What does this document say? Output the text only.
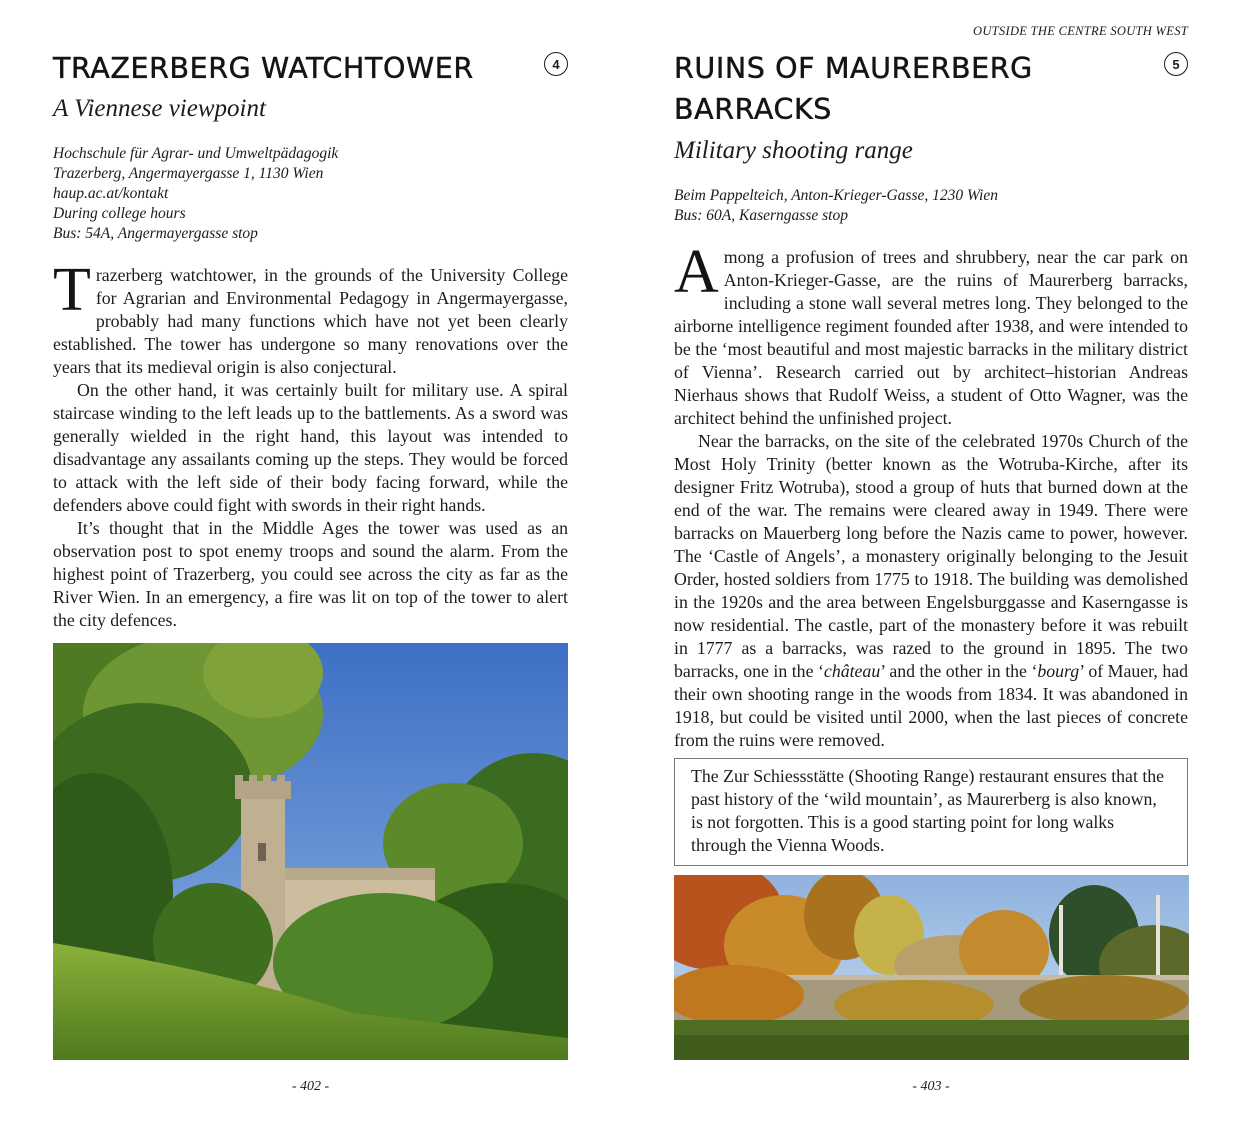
TRAZERBERG WATCHTOWER	4
A Viennese viewpoint
Hochschule für Agrar- und Umweltpädagogik
Trazerberg, Angermayergasse 1, 1130 Wien
haup.ac.at/kontakt
During college hours
Bus: 54A, Angermayergasse stop

Trazerberg watchtower, in the grounds of the University College for Agrarian and Environmental Pedagogy in Angermayergasse, probably had many functions which have not yet been clearly established. The tower has undergone so many renovations over the years that its medieval origin is also conjectural.

On the other hand, it was certainly built for military use. A spiral staircase winding to the left leads up to the battlements. As a sword was generally wielded in the right hand, this layout was intended to disadvantage any assailants coming up the steps. They would be forced to attack with the left side of their body facing forward, while the defenders above could fight with swords in their right hands.

It’s thought that in the Middle Ages the tower was used as an observation post to spot enemy troops and sound the alarm. From the highest point of Trazerberg, you could see across the city as far as the River Wien. In an emergency, a fire was lit on top of the tower to alert the city defences.

- 402 -
OUTSIDE THE CENTRE SOUTH WEST
RUINS OF MAURERBERG BARRACKS
5
Military shooting range
Beim Pappelteich, Anton-Krieger-Gasse, 1230 Wien
Bus: 60A, Kaserngasse stop

Among a profusion of trees and shrubbery, near the car park on Anton-Krieger-Gasse, are the ruins of Maurerberg barracks, including a stone wall several metres long. They belonged to the airborne intelligence regiment founded after 1938, and were intended to be the ‘most beautiful and most majestic barracks in the military district of Vienna’. Research carried out by architect–historian Andreas Nierhaus shows that Rudolf Weiss, a student of Otto Wagner, was the architect behind the unfinished project.

Near the barracks, on the site of the celebrated 1970s Church of the Most Holy Trinity (better known as the Wotruba-Kirche, after its designer Fritz Wotruba), stood a group of huts that burned down at the end of the war. The remains were cleared away in 1949. There were barracks on Mauerberg long before the Nazis came to power, however. The ‘Castle of Angels’, a monastery originally belonging to the Jesuit Order, hosted soldiers from 1775 to 1918. The building was demolished in the 1920s and the area between Engelsburggasse and Kaserngasse is now residential. The castle, part of the monastery before it was rebuilt in 1777 as a barracks, was razed to the ground in 1895. The two barracks, one in the ‘château’ and the other in the ‘bourg’ of Mauer, had their own shooting range in the woods from 1834. It was abandoned in 1918, but could be visited until 2000, when the last pieces of concrete from the ruins were removed.

The Zur Schiessstätte (Shooting Range) restaurant ensures that the past history of the ‘wild mountain’, as Maurerberg is also known, is not forgotten. This is a good starting point for long walks through the Vienna Woods.
- 403 -
